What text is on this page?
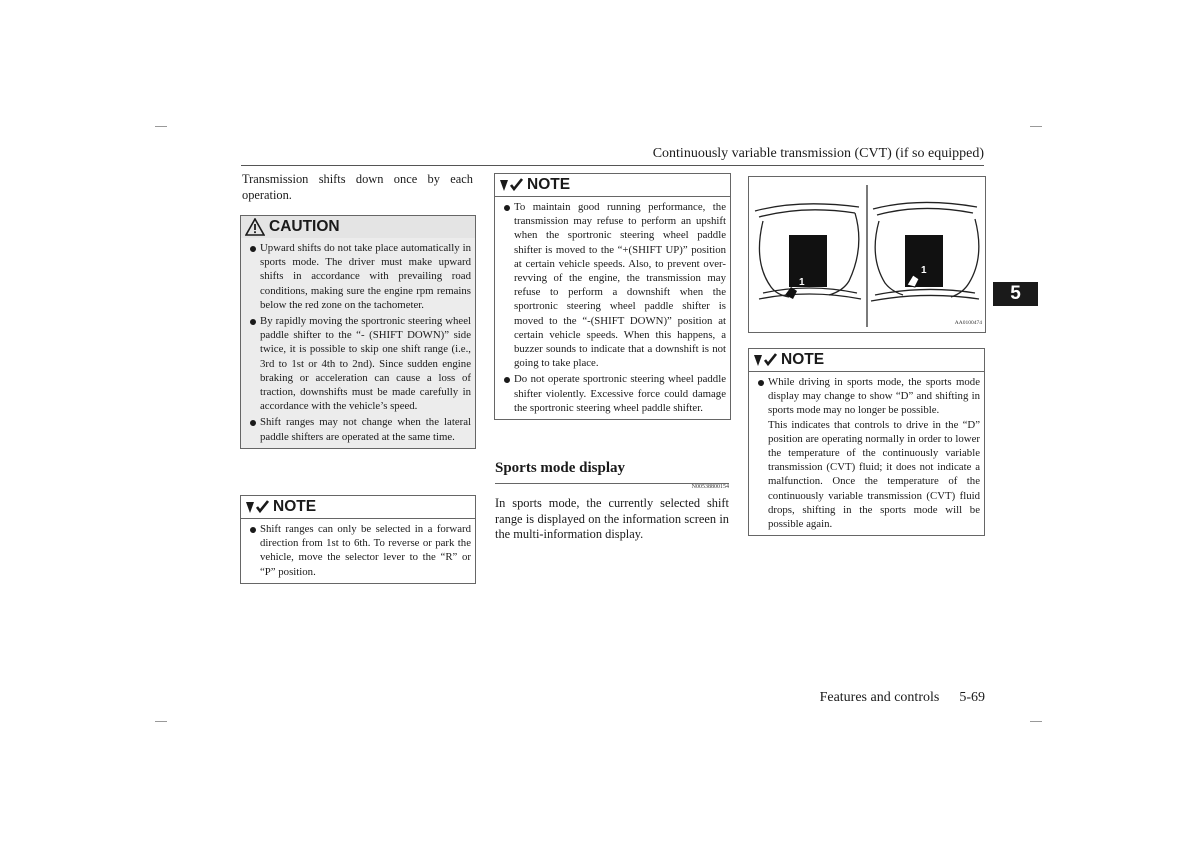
Continuously variable transmission (CVT) (if so equipped)
5
Transmission shifts down once by each operation.
CAUTION
Upward shifts do not take place automatically in sports mode. The driver must make upward shifts in accordance with prevailing road conditions, making sure the engine rpm remains below the red zone on the tachometer.
By rapidly moving the sportronic steering wheel paddle shifter to the “- (SHIFT DOWN)” side twice, it is possible to skip one shift range (i.e., 3rd to 1st or 4th to 2nd). Since sudden engine braking or acceleration can cause a loss of traction, downshifts must be made carefully in accordance with the vehicle’s speed.
Shift ranges may not change when the lateral paddle shifters are operated at the same time.
NOTE
Shift ranges can only be selected in a forward direction from 1st to 6th. To reverse or park the vehicle, move the selector lever to the “R” or “P” position.
NOTE
To maintain good running performance, the transmission may refuse to perform an upshift when the sportronic steering wheel paddle shifter is moved to the “+(SHIFT UP)” position at certain vehicle speeds. Also, to prevent over-revving of the engine, the transmission may refuse to perform a downshift when the sportronic steering wheel paddle shifter is moved to the “-(SHIFT DOWN)” position at certain vehicle speeds. When this happens, a buzzer sounds to indicate that a downshift is not going to take place.
Do not operate sportronic steering wheel paddle shifter violently. Excessive force could damage the sportronic steering wheel paddle shifter.
Sports mode display
N00538800154
In sports mode, the currently selected shift range is displayed on the information screen in the multi-information display.
1
1
AA0100474
NOTE
While driving in sports mode, the sports mode display may change to show “D” and shifting in sports mode may no longer be possible.
This indicates that controls to drive in the “D” position are operating normally in order to lower the temperature of the continuously variable transmission (CVT) fluid; it does not indicate a malfunction. Once the temperature of the continuously variable transmission (CVT) fluid drops, shifting in the sports mode will be possible again.
Features and controls 5-69
